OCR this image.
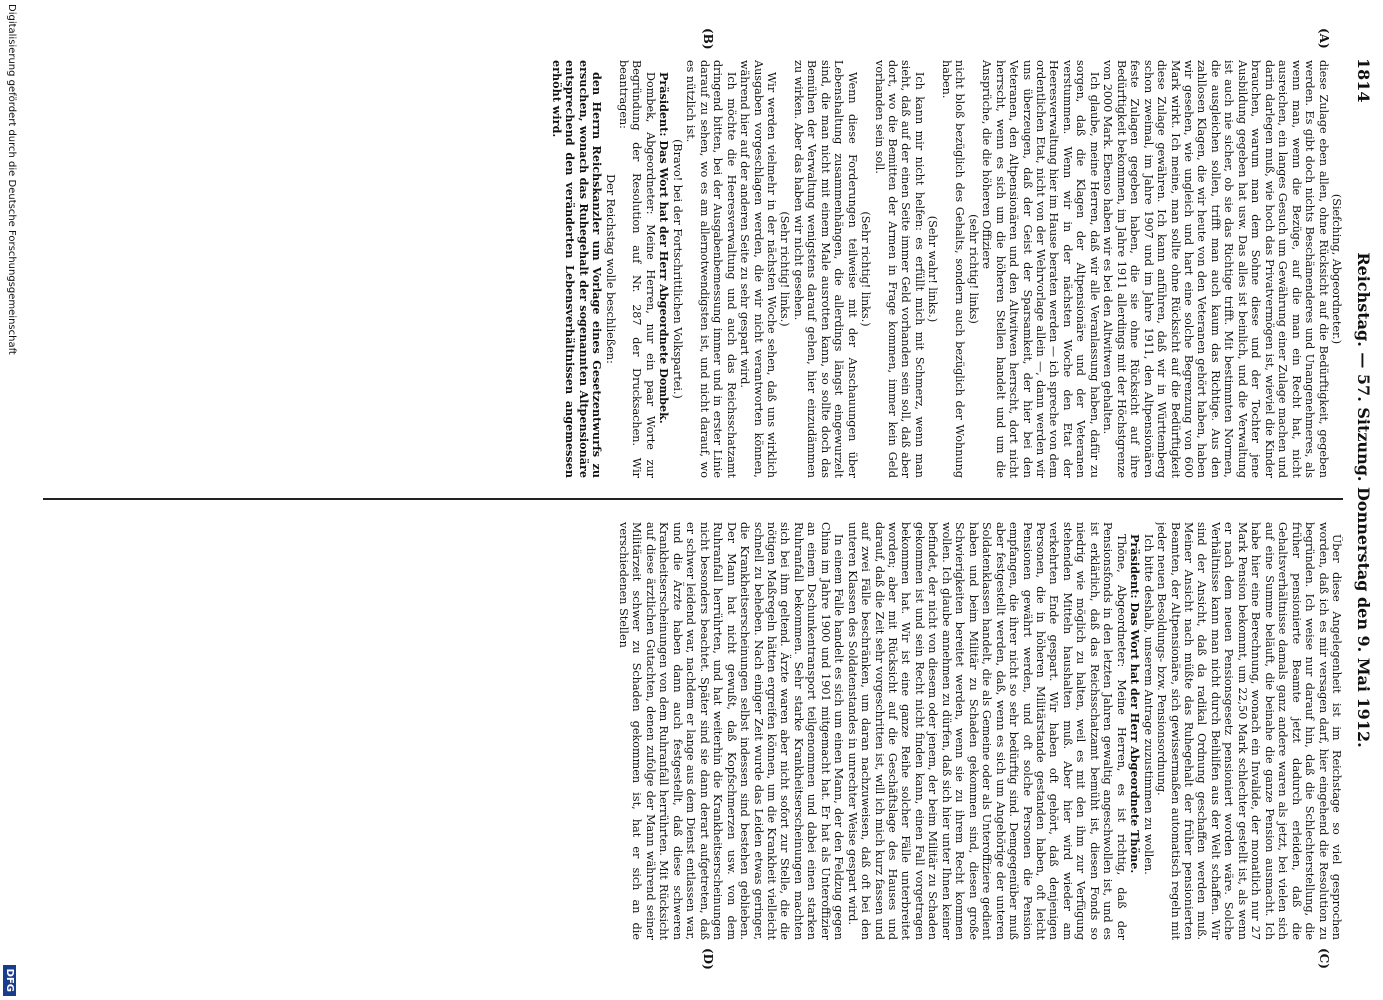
1814
Reichstag. — 57. Sitzung. Donnerstag den 9. Mai 1912.
(A)
(B)
(C)
(D)

(Siefching, Abgeordneter.)

diese Zulage eben allen, ohne Rücksicht auf die Bedürftigkeit, gegeben werden. Es gibt doch nichts Beschämenderes und Unangenehmeres, als wenn man, wenn die Bezüge, auf die man ein Recht hat, nicht ausreichen, ein langes Gesuch um Gewährung einer Zulage machen und darin darlegen muß, wie hoch das Privatvermögen ist, wieviel die Kinder brauchen, warum man dem Sohne diese und der Tochter jene Ausbildung gegeben hat usw. Das alles ist beinlich, und die Verwaltung ist auch nie sicher, ob sie das Richtige trifft. Mit bestimmten Normen, die ausgleichen sollen, trifft man auch kaum das Richtige. Aus den zahllosen Klagen, die wir heute von den Veteranen gehört haben, haben wir gesehen, wie ungleich und hart eine solche Begrenzung von 600 Mark wirkt. Ich meine, man sollte ohne Rücksicht auf die Bedürftigkeit diese Zulage gewähren. Ich kann anführen, daß wir in Württemberg schon zweimal, im Jahre 1907 und im Jahre 1911, den Altpensionären feste Zulagen gegeben haben, die sie ohne Rücksicht auf ihre Bedürftigkeit bekommen, im Jahre 1911 allerdings mit der Höchstgrenze von 2000 Mark. Ebenso haben wir es bei den Altwitwen gehalten.

Ich glaube, meine Herren, daß wir alle Veranlassung haben, dafür zu sorgen, daß die Klagen der Altpensionäre und der Veteranen verstummen. Wenn wir in der nächsten Woche den Etat der Heeresverwaltung hier im Hause beraten werden — ich spreche von dem ordentlichen Etat, nicht von der Wehrvorlage allein —, dann werden wir uns überzeugen, daß der Geist der Sparsamkeit, der hier bei den Veteranen, den Altpensionären und den Altwitwen herrscht, dort nicht herrscht, wenn es sich um die höheren Stellen handelt und um die Ansprüche, die die höheren Offiziere

(sehr richtig! links)

nicht bloß bezüglich des Gehalts, sondern auch bezüglich der Wohnung haben.

(Sehr wahr! links.)

Ich kann mir nicht helfen: es erfüllt mich mit Schmerz, wenn man sieht, daß auf der einen Seite immer Geld vorhanden sein soll, daß aber dort, wo die Bemitten der Armen in Frage kommen, immer kein Geld vorhanden sein soll.

(Sehr richtig! links.)

Wenn diese Forderungen teilweise mit der Anschauungen über Lebenshaltung zusammenhängen, die allerdings längst eingewurzelt sind, die man nicht mit einem Male ausrotten kann, so sollte doch das Bemühen der Verwaltung wenigstens darauf gehen, hier einzudämmen zu wirken. Aber das haben wir nicht gesehen.

(Sehr richtig! links.)

Wir werden vielmehr in der nächsten Woche sehen, daß uns wirklich Ausgaben vorgeschlagen werden, die wir nicht verantworten können, während hier auf der anderen Seite zu sehr gespart wird.

Ich möchte die Heeresverwaltung und auch das Reichsschatzamt dringend bitten, bei der Ausgabenbemessung immer und in erster Linie darauf zu sehen, wo es am allernotwendigsten ist, und nicht darauf, wo es nützlich ist.

(Bravo! bei der Fortschrittlichen Volkspartei.)

Präsident: Das Wort hat der Herr Abgeordnete Dombek.

Dombek, Abgeordneter: Meine Herren, nur ein paar Worte zur Begründung der Resolution auf Nr. 287 der Drucksachen. Wir beantragen:

Der Reichstag wolle beschließen:

den Herrn Reichskanzler um Vorlage eines Gesetzentwurfs zu ersuchen, wonach das Ruhegehalt der sogenannten Altpensionäre entsprechend den veränderten Lebensverhältnissen angemessen erhöht wird.

Über diese Angelegenheit ist im Reichstage so viel gesprochen worden, daß ich es mir versagen darf, hier eingehend die Resolution zu begründen. Ich weise nur darauf hin, daß die Schlechterstellung, die früher pensionierte Beamte jetzt dadurch erleiden, daß die Gehaltsverhältnisse damals ganz andere waren als jetzt, bei vielen sich auf eine Summe beläuft, die beinahe die ganze Pension ausmacht. Ich habe hier eine Berechnung, wonach ein Invalide, der monatlich nur 27 Mark Pension bekommt, um 22,50 Mark schlechter gestellt ist, als wenn er nach dem neuen Pensionsgesetz pensioniert worden wäre. Solche Verhältnisse kann man nicht durch Beihilfen aus der Welt schaffen. Wir sind der Ansicht, daß da radikal Ordnung geschaffen werden muß. Meiner Ansicht nach müßte das Ruhegehalt der früher pensionierten Beamten, der Altpensionäre, sich gewissermaßen automatisch regeln mit jeder neuen Besoldungs- bzw. Pensionsordnung.

Ich bitte deshalb, unserem Antrage zuzustimmen zu wollen.

Präsident: Das Wort hat der Herr Abgeordnete Thöne.

Thöne, Abgeordneter: Meine Herren, es ist richtig, daß der Pensionsfonds in den letzten Jahren gewaltig angeschwollen ist, und es ist erklärlich, daß das Reichsschatzamt bemüht ist, diesen Fonds so niedrig wie möglich zu halten, weil es mit den ihm zur Verfügung stehenden Mitteln haushalten muß. Aber hier wird wieder am verkehrten Ende gespart. Wir haben oft gehört, daß denjenigen Personen, die in höheren Militärstande gestanden haben, oft leicht Pensionen gewährt werden, und oft solche Personen die Pension empfangen, die ihrer nicht so sehr bedürftig sind. Demgegenüber muß aber festgestellt werden, daß, wenn es sich um Angehörige der unteren Soldatenklassen handelt, die als Gemeine oder als Unteroffiziere gedient haben und beim Militär zu Schaden gekommen sind, diesen große Schwierigkeiten bereitet werden, wenn sie zu ihrem Recht kommen wollen. Ich glaube annehmen zu dürfen, daß sich hier unter Ihnen keiner befindet, der nicht von diesem oder jenem, der beim Militär zu Schaden gekommen ist und sein Recht nicht finden kann, einen Fall vorgetragen bekommen hat. Wir ist eine ganze Reihe solcher Fälle unterbreitet worden; aber mit Rücksicht auf die Geschäftslage des Hauses und darauf, daß die Zeit sehr vorgeschritten ist, will ich mich kurz fassen und auf zwei Fälle beschränken, um daran nachzuweisen, daß oft bei den unteren Klassen des Soldatenstandes in unrechter Weise gespart wird.

In einem Falle handelt es sich um einen Mann, der den Feldzug gegen China im Jahre 1900 und 1901 mitgemacht hat. Er hat als Unteroffizier an einem Dschunkentransport teilgenommen und dabei einen starken Ruhranfall bekommen. Sehr starke Krankheitserscheinungen machten sich bei ihm geltend. Ärzte waren aber nicht sofort zur Stelle, die die nötigen Maßregeln hätten ergreifen können, um die Krankheit vielleicht schnell zu beheben. Nach einiger Zeit wurde das Leiden etwas geringer, die Krankheitserscheinungen selbst indessen sind bestehen geblieben. Der Mann hat nicht gewußt, daß Kopfschmerzen usw. von dem Ruhranfall herrührten, und hat weiterhin die Krankheitserscheinungen nicht besonders beachtet. Später sind sie dann derart aufgetreten, daß er schwer leidend war, nachdem er lange aus dem Dienst entlassen war, und die Ärzte haben dann auch festgestellt, daß diese schweren Krankheitserscheinungen von dem Ruhranfall herrührten. Mit Rücksicht auf diese ärztlichen Gutachten, denen zufolge der Mann während seiner Militärzeit schwer zu Schaden gekommen ist, hat er sich an die verschiedenen Stellen

Digitalisierung gefördert durch die Deutsche Forschungsgemeinschaft
DFG
